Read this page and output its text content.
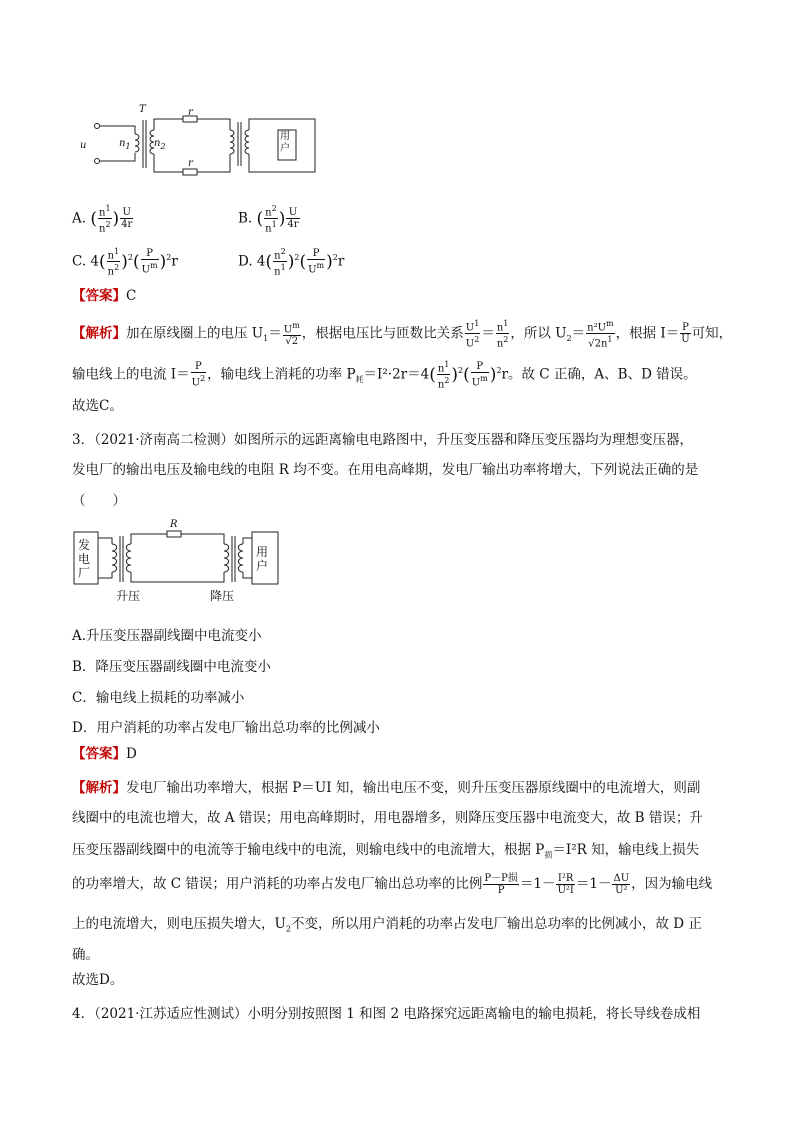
T
u	$n_1$ $n_2$
r
r
用户
A. ( $\frac{n^1}{n^2}$ ) $\frac{U}{4r}$	B. ( $\frac{n^2}{n^1}$ ) $\frac{U}{4r}$
C. $4( \frac{n^1}{n^2} )^2( \frac{P}{U^m} )^2r$	D. $4( \frac{n^2}{n^1} )^2( \frac{P}{U^m} )^2r$
【答案】C
【解析】加在原线圈上的电压 $U_1= \frac{U^m}{√2}$ ，根据电压比与匝数比关系 $\frac{U^1}{U^2} = \frac{n^1}{n^2}$ ，所以 $U_2= \frac{n^2U^m}{√2n^1}$ ，根据 $I= \frac{P}{U}$ 可知，
输电线上的电流 $I= \frac{P}{U^2}$ ，输电线上消耗的功率 $P_耗=I^2\cdot 2r=4( \frac{n^1}{n^2} )^2( \frac{P}{U^m} )^2r$。故 C 正确，A、B、D 错误。
故选C。
3．（2021·济南高二检测）如图所示的远距离输电电路图中，升压变压器和降压变压器均为理想变压器，
发电厂的输出电压及输电线的电阻 R 均不变。在用电高峰期，发电厂输出功率将增大，下列说法正确的是
（　　）
发
电
厂
R
用
户
升压	降压
A.升压变压器副线圈中电流变小
B．降压变压器副线圈中电流变小
C．输电线上损耗的功率减小
D．用户消耗的功率占发电厂输出总功率的比例减小
【答案】D
【解析】发电厂输出功率增大，根据 P＝UI 知，输出电压不变，则升压变压器原线圈中的电流增大，则副
线圈中的电流也增大，故 A 错误；用电高峰期时，用电器增多，则降压变压器中电流变大，故 B 错误；升
压变压器副线圈中的电流等于输电线中的电流，则输电线中的电流增大，根据 $P_损=I^2R$ 知，输电线上损失
的功率增大，故 C 错误；用户消耗的功率占发电厂输出总功率的比例 $\frac{\text{P－P损}}{P} =1- \frac{\text{I²R}}{\text{U²I}} =1- \frac{\Delta U}{\text{U²}}$ ，因为输电线
上的电流增大，则电压损失增大，$U_2$不变，所以用户消耗的功率占发电厂输出总功率的比例减小，故 D 正
确。
故选D。
4．（2021·江苏适应性测试）小明分别按照图 1 和图 2 电路探究远距离输电的输电损耗，将长导线卷成相
